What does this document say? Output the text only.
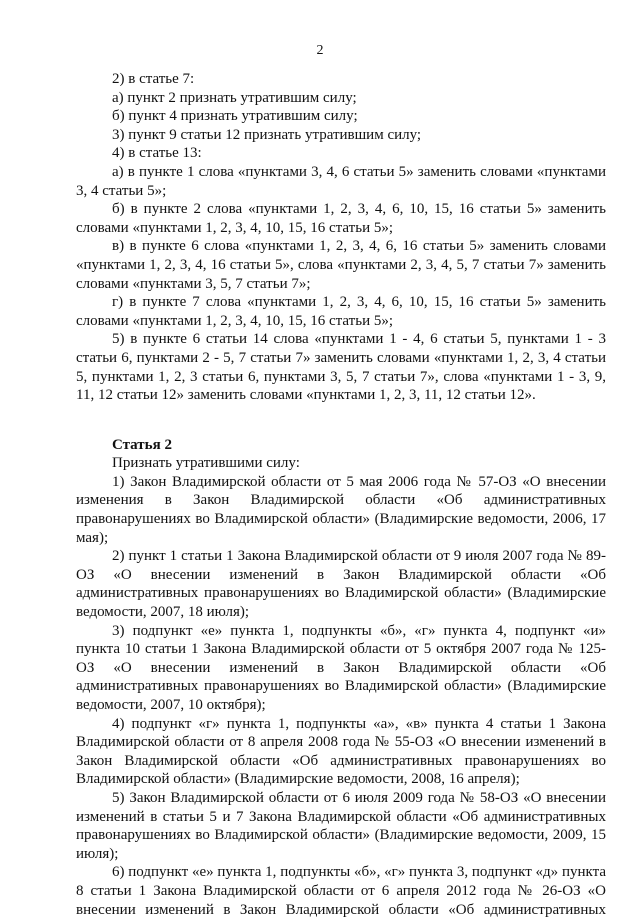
2

2) в статье 7:

а) пункт 2 признать утратившим силу;

б) пункт 4 признать утратившим силу;

3) пункт 9 статьи 12 признать утратившим силу;

4) в статье 13:

а) в пункте 1 слова «пунктами 3, 4, 6 статьи 5» заменить словами «пунктами 3, 4 статьи 5»;

б) в пункте 2 слова «пунктами 1, 2, 3, 4, 6, 10, 15, 16 статьи 5» заменить словами «пунктами 1, 2, 3, 4, 10, 15, 16 статьи 5»;

в) в пункте 6 слова «пунктами 1, 2, 3, 4, 6, 16 статьи 5» заменить словами «пунктами 1, 2, 3, 4, 16 статьи 5», слова «пунктами 2, 3, 4, 5, 7 статьи 7» заменить словами «пунктами 3, 5, 7 статьи 7»;

г) в пункте 7 слова «пунктами 1, 2, 3, 4, 6, 10, 15, 16 статьи 5» заменить словами «пунктами 1, 2, 3, 4, 10, 15, 16 статьи 5»;

5) в пункте 6 статьи 14 слова «пунктами 1 - 4, 6 статьи 5, пунктами 1 - 3 статьи 6, пунктами 2 - 5, 7 статьи 7» заменить словами «пунктами 1, 2, 3, 4 статьи 5, пунктами 1, 2, 3 статьи 6, пунктами 3, 5, 7 статьи 7», слова «пунктами 1 - 3, 9, 11, 12 статьи 12» заменить словами «пунктами 1, 2, 3, 11, 12 статьи 12».

Статья 2

Признать утратившими силу:

1) Закон Владимирской области от 5 мая 2006 года № 57-ОЗ «О внесении изменения в Закон Владимирской области «Об административных правонарушениях во Владимирской области» (Владимирские ведомости, 2006, 17 мая);

2) пункт 1 статьи 1 Закона Владимирской области от 9 июля 2007 года № 89-ОЗ «О внесении изменений в Закон Владимирской области «Об административных правонарушениях во Владимирской области» (Владимирские ведомости, 2007, 18 июля);

3) подпункт «е» пункта 1, подпункты «б», «г» пункта 4, подпункт «и» пункта 10 статьи 1 Закона Владимирской области от 5 октября 2007 года № 125-ОЗ «О внесении изменений в Закон Владимирской области «Об административных правонарушениях во Владимирской области» (Владимирские ведомости, 2007, 10 октября);

4) подпункт «г» пункта 1, подпункты «а», «в» пункта 4 статьи 1 Закона Владимирской области от 8 апреля 2008 года № 55-ОЗ «О внесении изменений в Закон Владимирской области «Об административных правонарушениях во Владимирской области» (Владимирские ведомости, 2008, 16 апреля);

5) Закон Владимирской области от 6 июля 2009 года № 58-ОЗ «О внесении изменений в статьи 5 и 7 Закона Владимирской области «Об административных правонарушениях во Владимирской области» (Владимирские ведомости, 2009, 15 июля);

6) подпункт «е» пункта 1, подпункты «б», «г» пункта 3, подпункт «д» пункта 8 статьи 1 Закона Владимирской области от 6 апреля 2012 года № 26-ОЗ «О внесении изменений в Закон Владимирской области «Об административных
